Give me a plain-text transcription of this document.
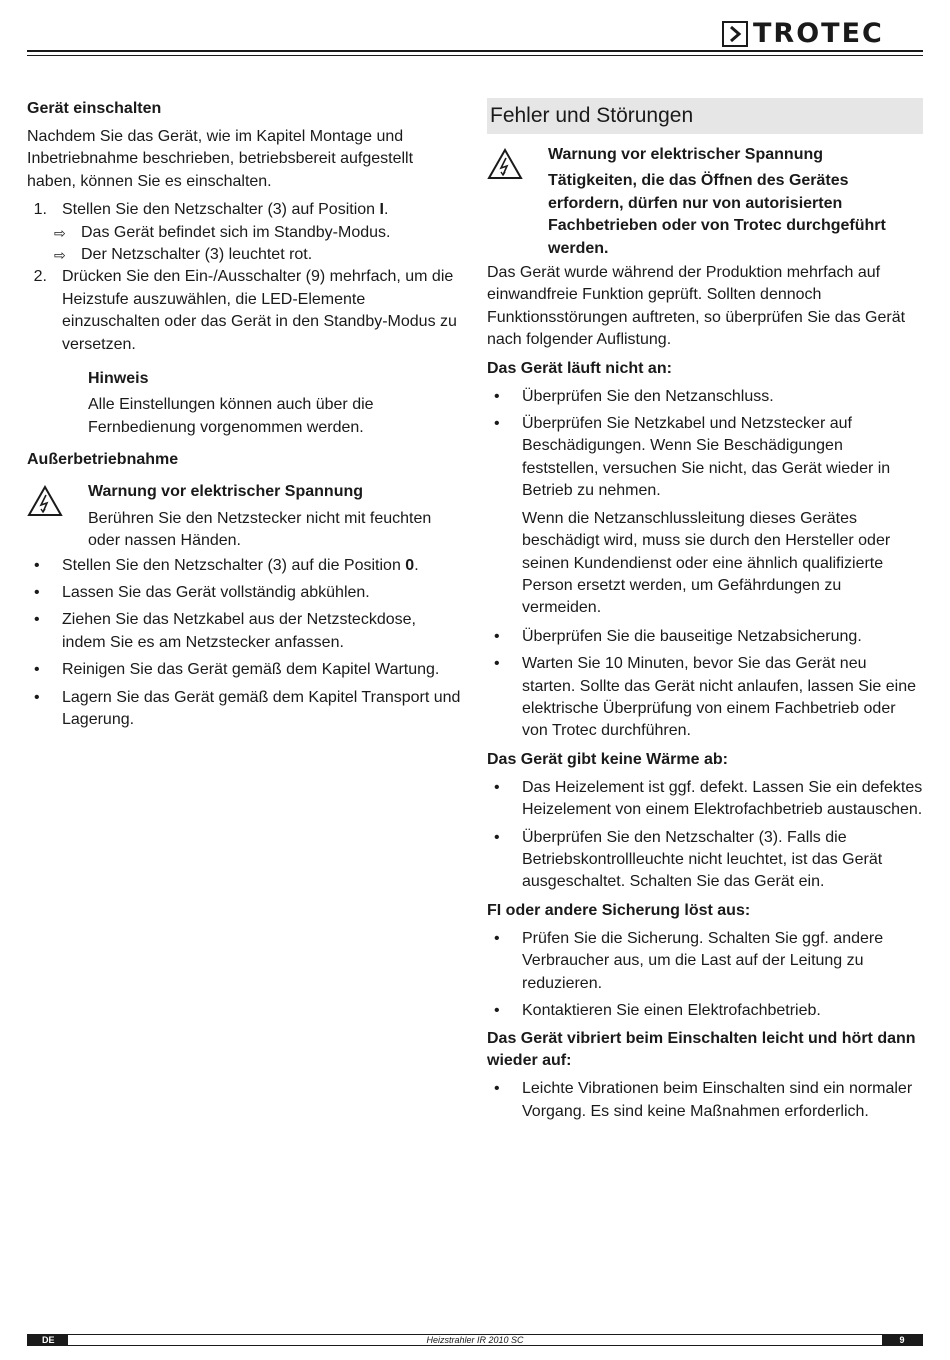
TROTEC
Gerät einschalten

Nachdem Sie das Gerät, wie im Kapitel Montage und Inbetriebnahme beschrieben, betriebsbereit aufgestellt haben, können Sie es einschalten.

1. Stellen Sie den Netzschalter (3) auf Position I.
⇨ Das Gerät befindet sich im Standby-Modus.
⇨ Der Netzschalter (3) leuchtet rot.
2. Drücken Sie den Ein-/Ausschalter (9) mehrfach, um die Heizstufe auszuwählen, die LED-Elemente einzuschalten oder das Gerät in den Standby-Modus zu versetzen.
Hinweis

Alle Einstellungen können auch über die Fernbedienung vorgenommen werden.

Außerbetriebnahme
Warnung vor elektrischer Spannung

Berühren Sie den Netzstecker nicht mit feuchten oder nassen Händen.

•	Stellen Sie den Netzschalter (3) auf die Position 0.
•	Lassen Sie das Gerät vollständig abkühlen.
•	Ziehen Sie das Netzkabel aus der Netzsteckdose, indem Sie es am Netzstecker anfassen.
•	Reinigen Sie das Gerät gemäß dem Kapitel Wartung.
•	Lagern Sie das Gerät gemäß dem Kapitel Transport und Lagerung.
Fehler und Störungen
Warnung vor elektrischer Spannung

Tätigkeiten, die das Öffnen des Gerätes erfordern, dürfen nur von autorisierten Fachbetrieben oder von Trotec durchgeführt werden.

Das Gerät wurde während der Produktion mehrfach auf einwandfreie Funktion geprüft. Sollten dennoch Funktionsstörungen auftreten, so überprüfen Sie das Gerät nach folgender Auflistung.

Das Gerät läuft nicht an:
•	Überprüfen Sie den Netzanschluss.
•	Überprüfen Sie Netzkabel und Netzstecker auf Beschädigungen. Wenn Sie Beschädigungen feststellen, versuchen Sie nicht, das Gerät wieder in Betrieb zu nehmen.

Wenn die Netzanschlussleitung dieses Gerätes beschädigt wird, muss sie durch den Hersteller oder seinen Kundendienst oder eine ähnlich qualifizierte Person ersetzt werden, um Gefährdungen zu vermeiden.

•	Überprüfen Sie die bauseitige Netzabsicherung.
•	Warten Sie 10 Minuten, bevor Sie das Gerät neu starten. Sollte das Gerät nicht anlaufen, lassen Sie eine elektrische Überprüfung von einem Fachbetrieb oder von Trotec durchführen.
Das Gerät gibt keine Wärme ab:
•	Das Heizelement ist ggf. defekt. Lassen Sie ein defektes Heizelement von einem Elektrofachbetrieb austauschen.
•	Überprüfen Sie den Netzschalter (3). Falls die Betriebskontrollleuchte nicht leuchtet, ist das Gerät ausgeschaltet. Schalten Sie das Gerät ein.
FI oder andere Sicherung löst aus:
•	Prüfen Sie die Sicherung. Schalten Sie ggf. andere Verbraucher aus, um die Last auf der Leitung zu reduzieren.
•	Kontaktieren Sie einen Elektrofachbetrieb.
Das Gerät vibriert beim Einschalten leicht und hört dann wieder auf:
•	Leichte Vibrationen beim Einschalten sind ein normaler Vorgang. Es sind keine Maßnahmen erforderlich.
DE	Heizstrahler IR 2010 SC	9
